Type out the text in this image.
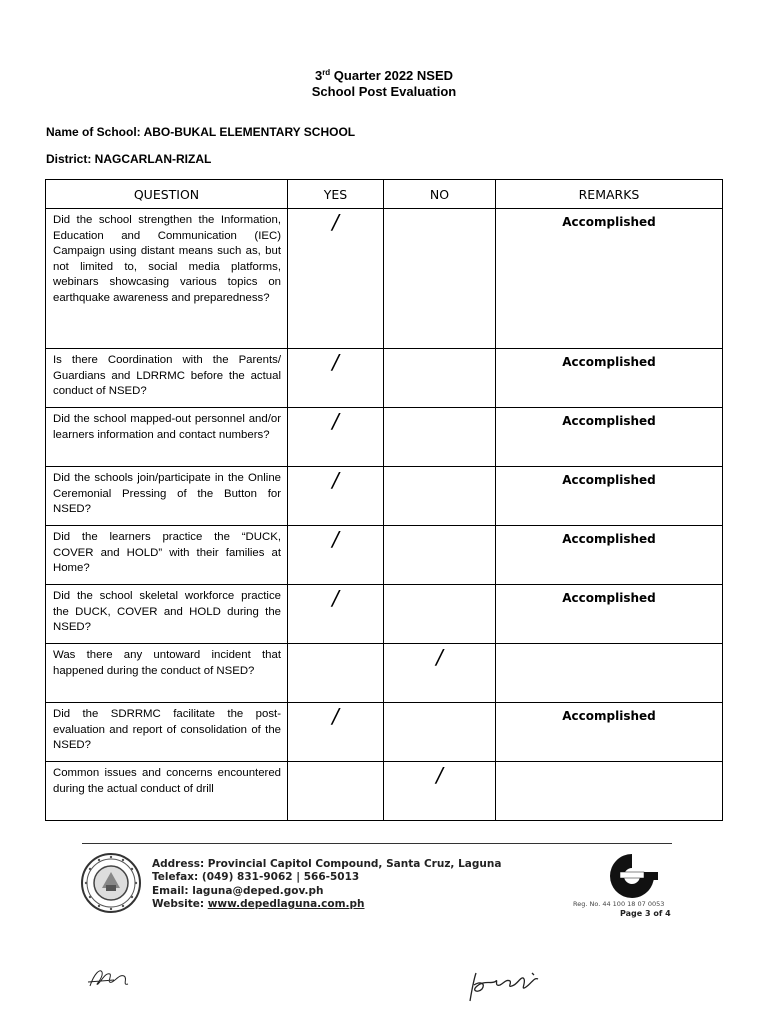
3rd Quarter 2022 NSED
School Post Evaluation
Name of School: ABO-BUKAL ELEMENTARY SCHOOL
District: NAGCARLAN-RIZAL
QUESTION	YES	NO	REMARKS
Did the school strengthen the Information, Education and Communication (IEC) Campaign using distant means such as, but not limited to, social media platforms, webinars showcasing various topics on earthquake awareness and preparedness?	/		Accomplished
Is there Coordination with the Parents/ Guardians and LDRRMC before the actual conduct of NSED?	/		Accomplished
Did the school mapped-out personnel and/or learners information and contact numbers?	/		Accomplished
Did the schools join/participate in the Online Ceremonial Pressing of the Button for NSED?	/		Accomplished
Did the learners practice the “DUCK, COVER and HOLD” with their families at Home?	/		Accomplished
Did the school skeletal workforce practice the DUCK, COVER and HOLD during the NSED?	/		Accomplished
Was there any untoward incident that happened during the conduct of NSED?		/	
Did the SDRRMC facilitate the post-evaluation and report of consolidation of the NSED?	/		Accomplished
Common issues and concerns encountered during the actual conduct of drill		/	
Address: Provincial Capitol Compound, Santa Cruz, Laguna
Telefax: (049) 831-9062 | 566-5013
Email: laguna@deped.gov.ph
Website: www.depedlaguna.com.ph	Reg. No. 44 100 18 07 0053
Page 3 of 4
